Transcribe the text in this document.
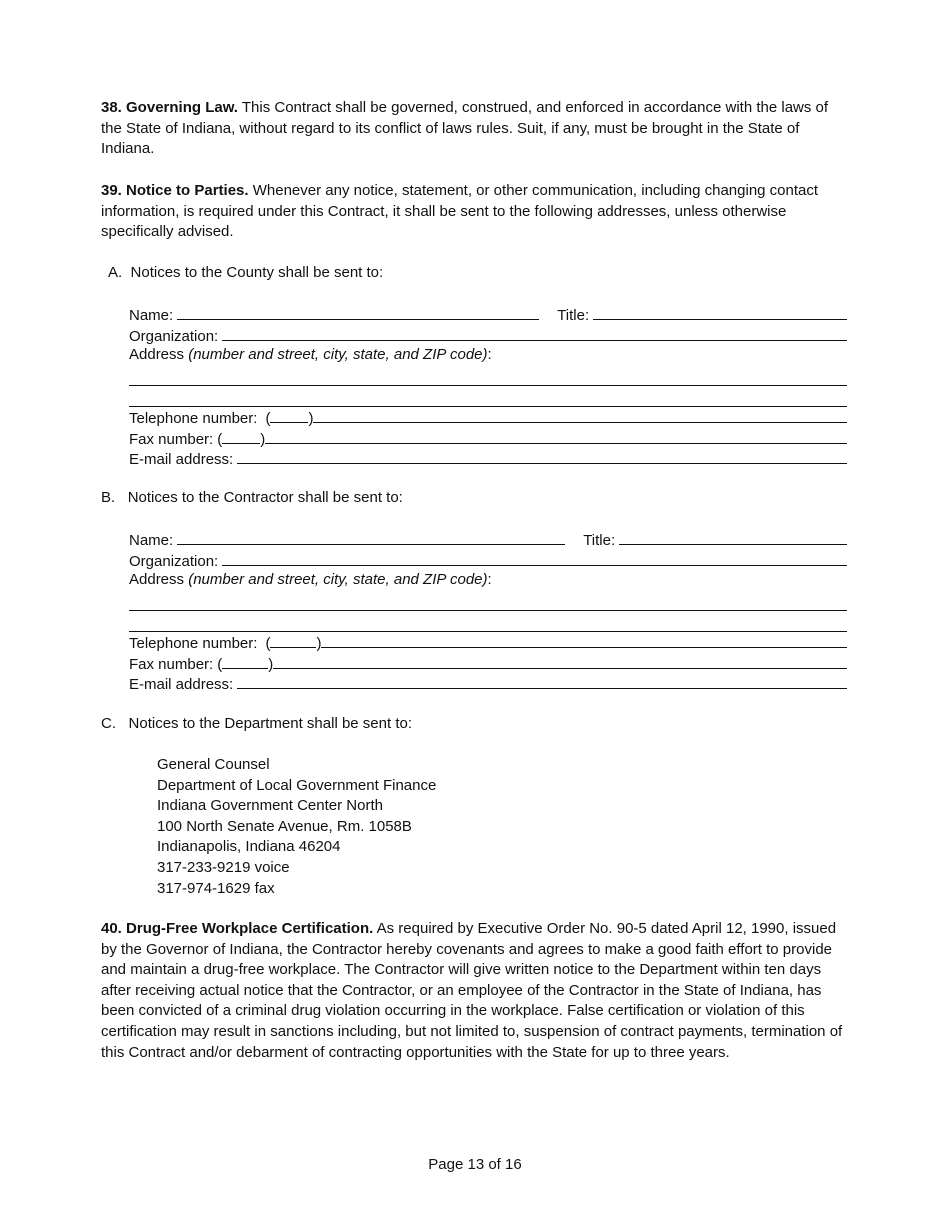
38. Governing Law. This Contract shall be governed, construed, and enforced in accordance with the laws of the State of Indiana, without regard to its conflict of laws rules. Suit, if any, must be brought in the State of Indiana.

39. Notice to Parties. Whenever any notice, statement, or other communication, including changing contact information, is required under this Contract, it shall be sent to the following addresses, unless otherwise specifically advised.

A. Notices to the County shall be sent to:
Name:	Title:
Organization:
Address (number and street, city, state, and ZIP code):
Telephone number: (	)
Fax number: (	)
E-mail address:
B. Notices to the Contractor shall be sent to:
Name:	Title:
Organization:
Address (number and street, city, state, and ZIP code):
Telephone number: (	)
Fax number: (	)
E-mail address:
C. Notices to the Department shall be sent to:
General Counsel
Department of Local Government Finance
Indiana Government Center North
100 North Senate Avenue, Rm. 1058B
Indianapolis, Indiana 46204
317-233-9219 voice
317-974-1629 fax

40. Drug-Free Workplace Certification. As required by Executive Order No. 90-5 dated April 12, 1990, issued by the Governor of Indiana, the Contractor hereby covenants and agrees to make a good faith effort to provide and maintain a drug-free workplace. The Contractor will give written notice to the Department within ten days after receiving actual notice that the Contractor, or an employee of the Contractor in the State of Indiana, has been convicted of a criminal drug violation occurring in the workplace. False certification or violation of this certification may result in sanctions including, but not limited to, suspension of contract payments, termination of this Contract and/or debarment of contracting opportunities with the State for up to three years.

Page 13 of 16
